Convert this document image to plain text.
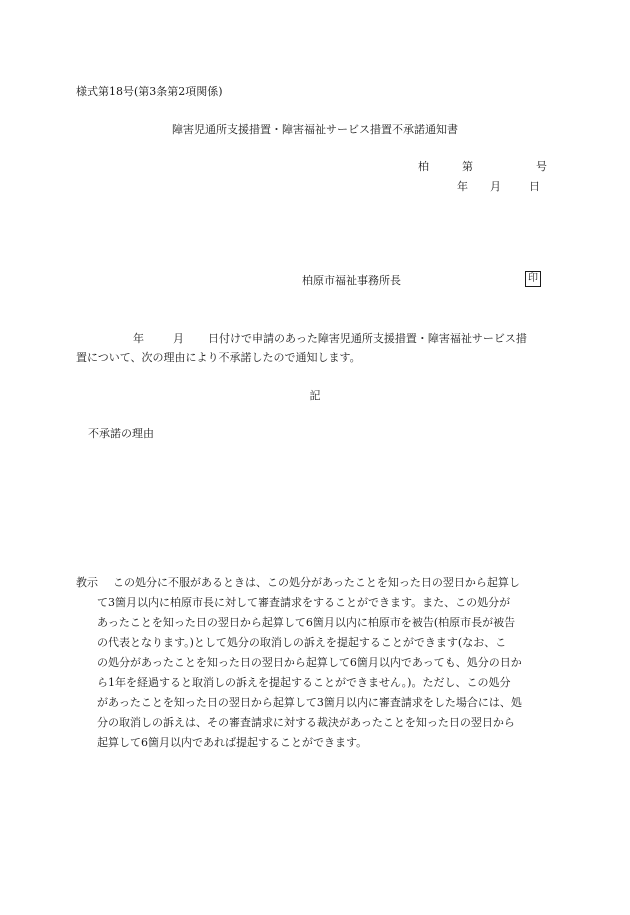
様式第18号(第3条第2項関係)
障害児通所支援措置・障害福祉サービス措置不承諾通知書
柏	第	号
年 月	日
柏原市福祉事務所長	印
年	月 日付けで申請のあった障害児通所支援措置・障害福祉サービス措
置について、次の理由により不承諾したので通知します。
記
不承諾の理由
教示 この処分に不服があるときは、この処分があったことを知った日の翌日から起算し
て3箇月以内に柏原市長に対して審査請求をすることができます。また、この処分が
あったことを知った日の翌日から起算して6箇月以内に柏原市を被告(柏原市長が被告
の代表となります。)として処分の取消しの訴えを提起することができます(なお、こ
の処分があったことを知った日の翌日から起算して6箇月以内であっても、処分の日か
ら1年を経過すると取消しの訴えを提起することができません。)。ただし、この処分
があったことを知った日の翌日から起算して3箇月以内に審査請求をした場合には、処
分の取消しの訴えは、その審査請求に対する裁決があったことを知った日の翌日から
起算して6箇月以内であれば提起することができます。
